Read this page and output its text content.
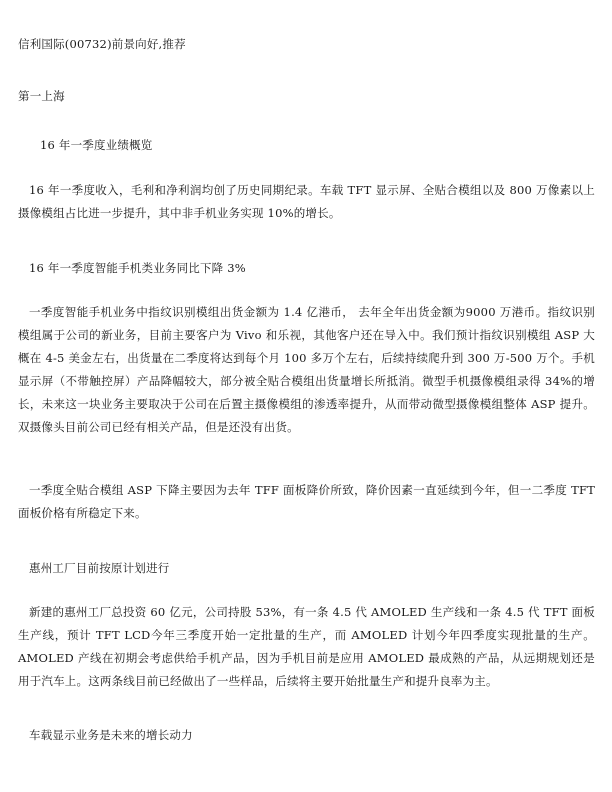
信利国际(00732)前景向好,推荐
第一上海
16 年一季度业绩概览
16 年一季度收入，毛利和净利润均创了历史同期纪录。车载 TFT 显示屏、全贴合模组以及 800 万像素以上摄像模组占比进一步提升，其中非手机业务实现 10%的增长。
16 年一季度智能手机类业务同比下降 3%
一季度智能手机业务中指纹识别模组出货金额为 1.4 亿港币， 去年全年出货金额为9000 万港币。指纹识别模组属于公司的新业务，目前主要客户为 Vivo 和乐视，其他客户还在导入中。我们预计指纹识别模组 ASP 大概在 4-5 美金左右，出货量在二季度将达到每个月 100 多万个左右，后续持续爬升到 300 万-500 万个。手机显示屏（不带触控屏）产品降幅较大，部分被全贴合模组出货量增长所抵消。微型手机摄像模组录得 34%的增长，未来这一块业务主要取决于公司在后置主摄像模组的渗透率提升，从而带动微型摄像模组整体 ASP 提升。双摄像头目前公司已经有相关产品，但是还没有出货。
一季度全贴合模组 ASP 下降主要因为去年 TFF 面板降价所致，降价因素一直延续到今年，但一二季度 TFT 面板价格有所稳定下来。
惠州工厂目前按原计划进行
新建的惠州工厂总投资 60 亿元，公司持股 53%，有一条 4.5 代 AMOLED 生产线和一条 4.5 代 TFT 面板生产线，预计 TFT LCD今年三季度开始一定批量的生产，而 AMOLED 计划今年四季度实现批量的生产。AMOLED 产线在初期会考虑供给手机产品，因为手机目前是应用 AMOLED 最成熟的产品，从远期规划还是用于汽车上。这两条线目前已经做出了一些样品，后续将主要开始批量生产和提升良率为主。
车载显示业务是未来的增长动力
